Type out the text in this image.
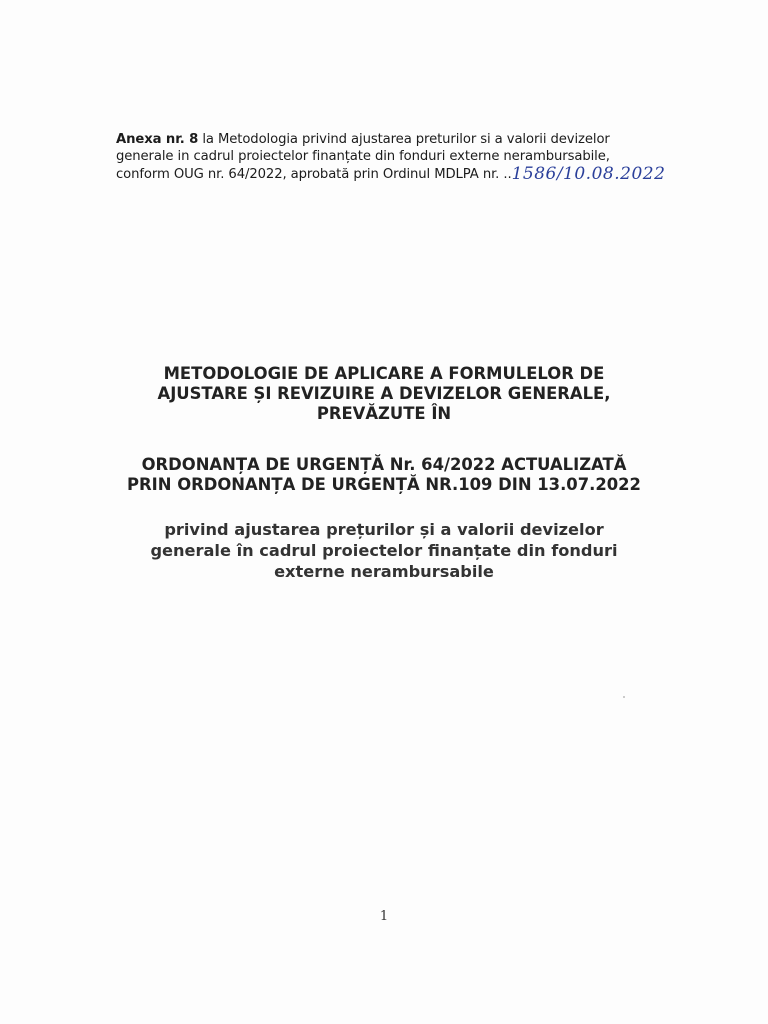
Anexa nr. 8 la Metodologia privind ajustarea preturilor si a valorii devizelor
generale in cadrul proiectelor finanțate din fonduri externe nerambursabile,
conform OUG nr. 64/2022, aprobată prin Ordinul MDLPA nr. ..1586/10.08.2022
METODOLOGIE DE APLICARE A FORMULELOR DE
AJUSTARE ȘI REVIZUIRE A DEVIZELOR GENERALE,
PREVĂZUTE ÎN
ORDONANȚA DE URGENȚĂ Nr. 64/2022 ACTUALIZATĂ
PRIN ORDONANȚA DE URGENȚĂ NR.109 DIN 13.07.2022
privind ajustarea prețurilor și a valorii devizelor
generale în cadrul proiectelor finanțate din fonduri
externe nerambursabile
1
